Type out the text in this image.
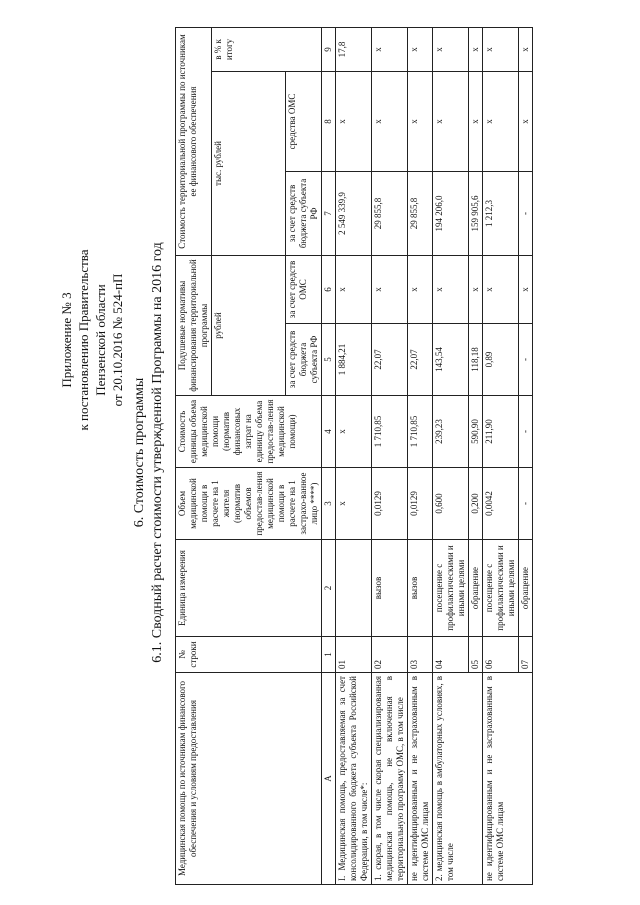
Приложение № 3 к постановлению Правительства Пензенской области от 20.10.2016 № 524-пП
6. Стоимость программы 6.1. Сводный расчет стоимости утвержденной Программы на 2016 год
Медицинская помощь по источникам финансового обеспечения и условиям предоставления	№ строки	Единица измерения	Объем медицинской помощи в расчете на 1 жителя (норматив объемов предостав-ления медицинской помощи в расчете на 1 застрахо-ванное лицо ****)	Стоимость единицы объема медицинской помощи (норматив финансовых затрат на единицу объема предостав-ления медицинской помощи)	Подушевые нормативы финансирования территориальной программы		Стоимость территориальной программы по источникам ее финансового обеспечения		
					рублей		тыс. рублей		в % к итогу
					за счет средств бюджета субъекта РФ	за счет средств ОМС	за счет средств бюджета субъекта РФ	средства ОМС	
А	1	2	3	4	5	6	7	8	9
I. Медицинская помощь, предоставляемая за счет консолидированного бюджета субъекта Российской Федерации, в том числе*:	01		х	х	1 884,21	х	2 549 339,9	х	17,8
1. скорая, в том числе скорая специализированная медицинская помощь, не включенная в территориальную программу ОМС, в том числе	02	вызов	0,0129	1 710,85	22,07	х	29 855,8	х	х
не идентифицированным и не застрахованным в системе ОМС лицам	03	вызов	0,0129	1 710,85	22,07	х	29 855,8	х	х
2. медицинская помощь в амбулаторных условиях, в том числе	04	посещение с профилактическими и иными целями	0,600	239,23	143,54	х	194 206,0	х	х
	05	обращение	0,200	590,90	118,18	х	159 905,6	х	х
не идентифицированным и не застрахованным в системе ОМС лицам	06	посещение с профилактическими и иными целями	0,0042	211,90	0,89	х	1 212,3	х	х
	07	обращение	-	-	-	х	-	х	х
